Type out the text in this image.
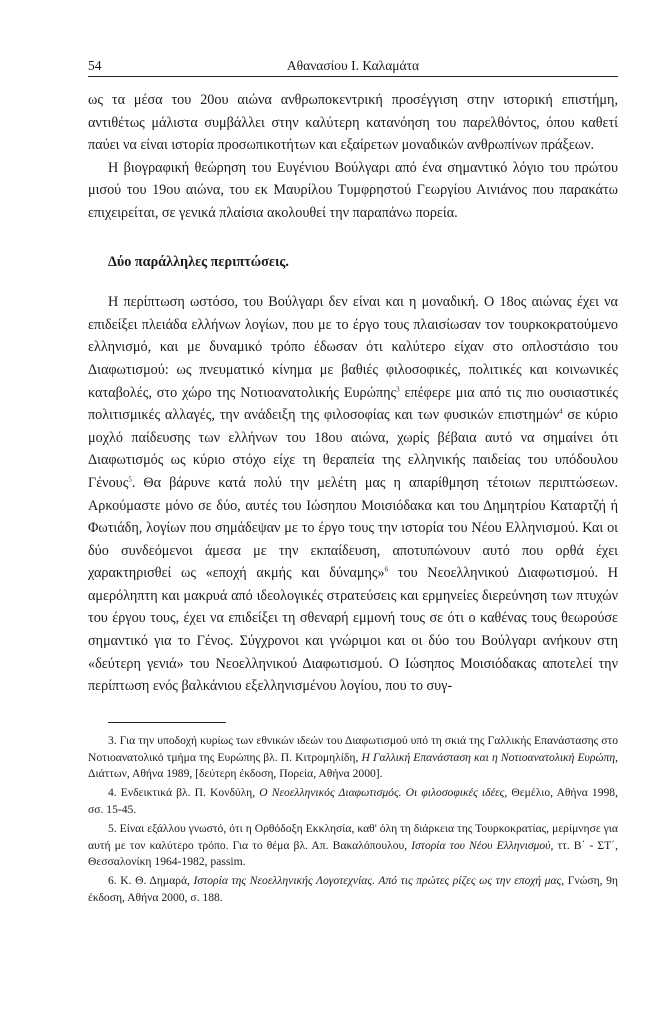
54	Αθανασίου Ι. Καλαμάτα

ως τα μέσα του 20ου αιώνα ανθρωποκεντρική προσέγγιση στην ιστορική επιστήμη, αντιθέτως μάλιστα συμβάλλει στην καλύτερη κατανόηση του παρελθόντος, όπου καθετί παύει να είναι ιστορία προσωπικοτήτων και εξαίρετων μοναδικών ανθρωπίνων πράξεων.

Η βιογραφική θεώρηση του Ευγένιου Βούλγαρι από ένα σημαντικό λόγιο του πρώτου μισού του 19ου αιώνα, του εκ Μαυρίλου Τυμφρηστού Γεωργίου Αινιάνος που παρακάτω επιχειρείται, σε γενικά πλαίσια ακολουθεί την παραπάνω πορεία.

Δύο παράλληλες περιπτώσεις.

Η περίπτωση ωστόσο, του Βούλγαρι δεν είναι και η μοναδική. Ο 18ος αιώνας έχει να επιδείξει πλειάδα ελλήνων λογίων, που με το έργο τους πλαισίωσαν τον τουρκοκρατούμενο ελληνισμό, και με δυναμικό τρόπο έδωσαν ότι καλύτερο είχαν στο οπλοστάσιο του Διαφωτισμού: ως πνευματικό κίνημα με βαθιές φιλοσοφικές, πολιτικές και κοινωνικές καταβολές, στο χώρο της Νοτιοανατολικής Ευρώπης$^3$ επέφερε μια από τις πιο ουσιαστικές πολιτισμικές αλλαγές, την ανάδειξη της φιλοσοφίας και των φυσικών επιστημών$^4$ σε κύριο μοχλό παίδευσης των ελλήνων του 18ου αιώνα, χωρίς βέβαια αυτό να σημαίνει ότι Διαφωτισμός ως κύριο στόχο είχε τη θεραπεία της ελληνικής παιδείας του υπόδουλου Γένους$^5$. Θα βάρυνε κατά πολύ την μελέτη μας η απαρίθμηση τέτοιων περιπτώσεων. Αρκούμαστε μόνο σε δύο, αυτές του Ιώσηπου Μοισιόδακα και του Δημητρίου Καταρτζή ή Φωτιάδη, λογίων που σημάδεψαν με το έργο τους την ιστορία του Νέου Ελληνισμού. Και οι δύο συνδεόμενοι άμεσα με την εκπαίδευση, αποτυπώνουν αυτό που ορθά έχει χαρακτηρισθεί ως «εποχή ακμής και δύναμης»$^6$ του Νεοελληνικού Διαφωτισμού. Η αμερόληπτη και μακρυά από ιδεολογικές στρατεύσεις και ερμηνείες διερεύνηση των πτυχών του έργου τους, έχει να επιδείξει τη σθεναρή εμμονή τους σε ότι ο καθένας τους θεωρούσε σημαντικό για το Γένος. Σύγχρονοι και γνώριμοι και οι δύο του Βούλγαρι ανήκουν στη «δεύτερη γενιά» του Νεοελληνικού Διαφωτισμού. Ο Ιώσηπος Μοισιόδακας αποτελεί την περίπτωση ενός βαλκάνιου εξελληνισμένου λογίου, που το συγ-

3. Για την υποδοχή κυρίως των εθνικών ιδεών του Διαφωτισμού υπό τη σκιά της Γαλλικής Επανάστασης στο Νοτιοανατολικό τμήμα της Ευρώπης βλ. Π. Κιτρομηλίδη, Η Γαλλική Επανάσταση και η Νοτιοανατολική Ευρώπη, Διάττων, Αθήνα 1989, [δεύτερη έκδοση, Πορεία, Αθήνα 2000].

4. Ενδεικτικά βλ. Π. Κονδύλη, Ο Νεοελληνικός Διαφωτισμός. Οι φιλοσοφικές ιδέες, Θεμέλιο, Αθήνα 1998, σσ. 15-45.

5. Είναι εξάλλου γνωστό, ότι η Ορθόδοξη Εκκλησία, καθ' όλη τη διάρκεια της Τουρκοκρατίας, μερίμνησε για αυτή με τον καλύτερο τρόπο. Για το θέμα βλ. Απ. Βακαλόπουλου, Ιστορία του Νέου Ελληνισμού, ττ. Β΄ - ΣΤ΄, Θεσσαλονίκη 1964-1982, passim.

6. Κ. Θ. Δημαρά, Ιστορία της Νεοελληνικής Λογοτεχνίας. Από τις πρώτες ρίζες ως την εποχή μας, Γνώση, 9η έκδοση, Αθήνα 2000, σ. 188.
